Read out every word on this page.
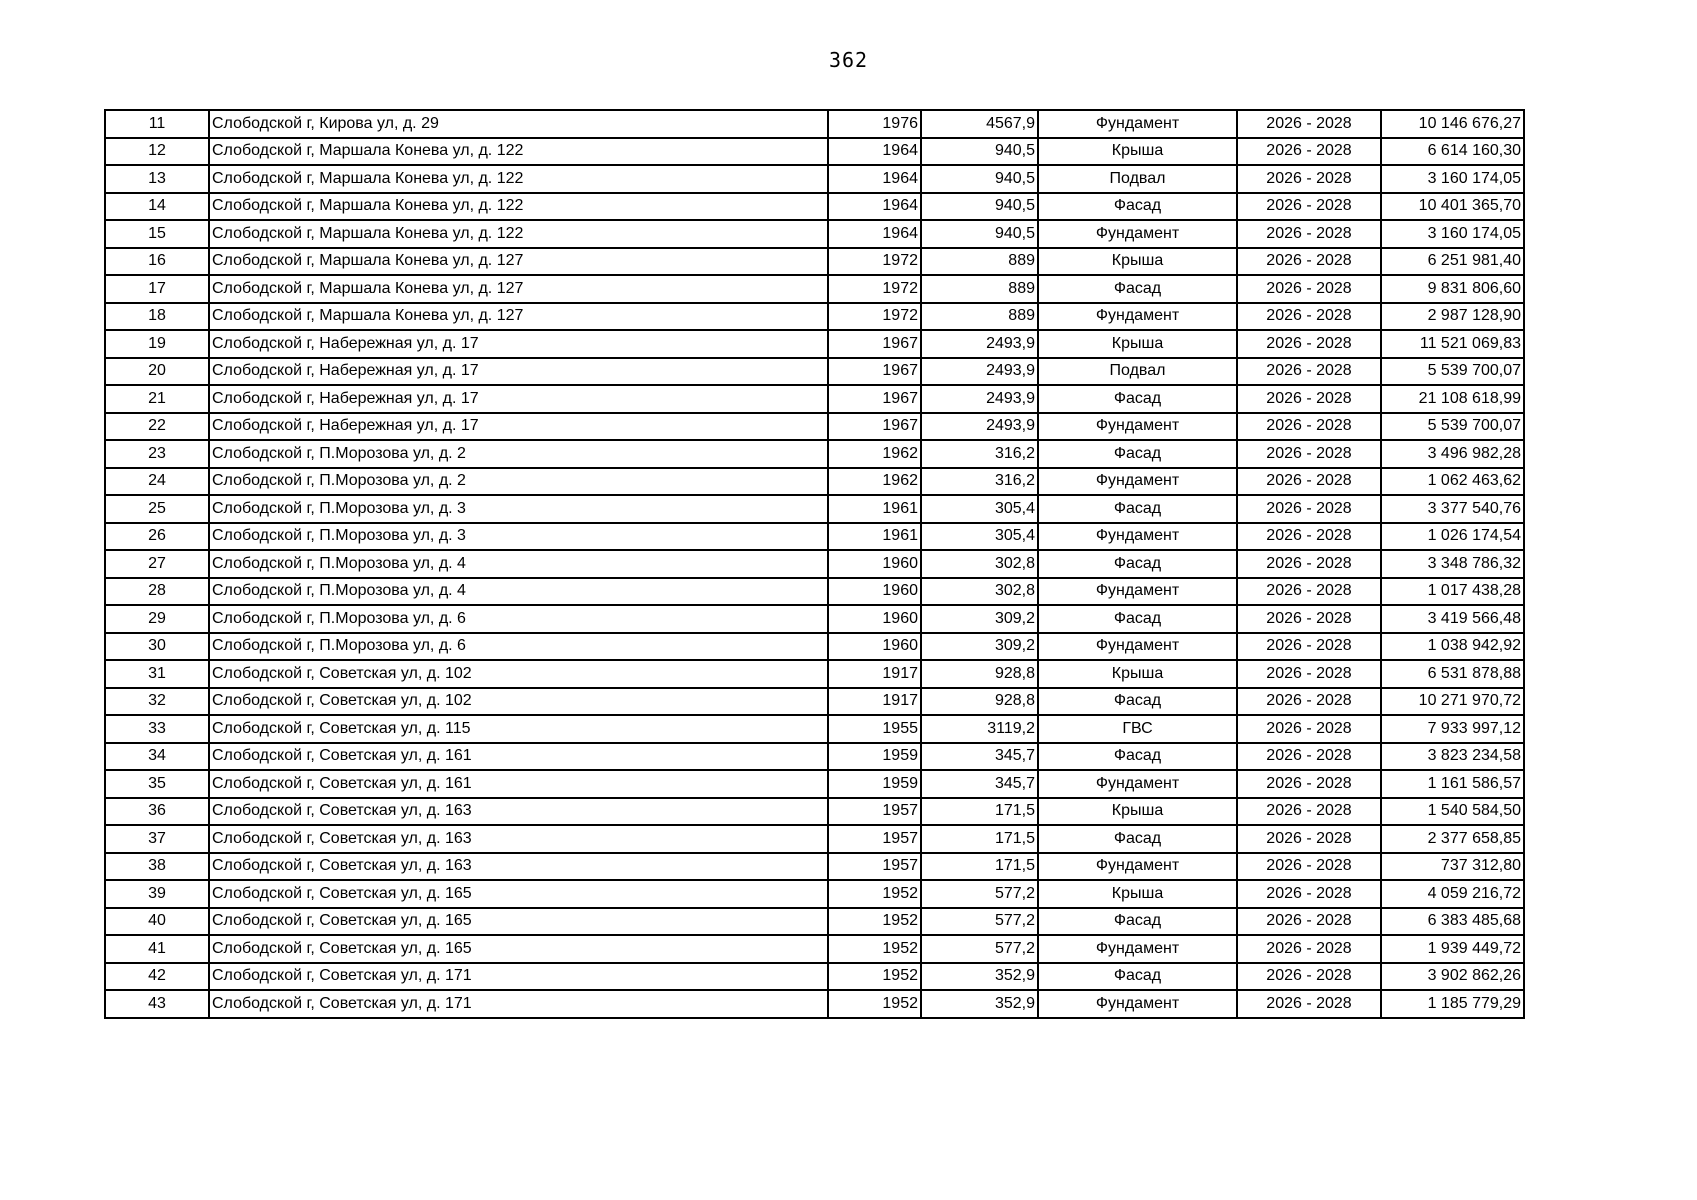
362
11	Слободской г, Кирова ул, д. 29	1976	4567,9	Фундамент	2026 - 2028	10 146 676,27
12	Слободской г, Маршала Конева ул, д. 122	1964	940,5	Крыша	2026 - 2028	6 614 160,30
13	Слободской г, Маршала Конева ул, д. 122	1964	940,5	Подвал	2026 - 2028	3 160 174,05
14	Слободской г, Маршала Конева ул, д. 122	1964	940,5	Фасад	2026 - 2028	10 401 365,70
15	Слободской г, Маршала Конева ул, д. 122	1964	940,5	Фундамент	2026 - 2028	3 160 174,05
16	Слободской г, Маршала Конева ул, д. 127	1972	889	Крыша	2026 - 2028	6 251 981,40
17	Слободской г, Маршала Конева ул, д. 127	1972	889	Фасад	2026 - 2028	9 831 806,60
18	Слободской г, Маршала Конева ул, д. 127	1972	889	Фундамент	2026 - 2028	2 987 128,90
19	Слободской г, Набережная ул, д. 17	1967	2493,9	Крыша	2026 - 2028	11 521 069,83
20	Слободской г, Набережная ул, д. 17	1967	2493,9	Подвал	2026 - 2028	5 539 700,07
21	Слободской г, Набережная ул, д. 17	1967	2493,9	Фасад	2026 - 2028	21 108 618,99
22	Слободской г, Набережная ул, д. 17	1967	2493,9	Фундамент	2026 - 2028	5 539 700,07
23	Слободской г, П.Морозова ул, д. 2	1962	316,2	Фасад	2026 - 2028	3 496 982,28
24	Слободской г, П.Морозова ул, д. 2	1962	316,2	Фундамент	2026 - 2028	1 062 463,62
25	Слободской г, П.Морозова ул, д. 3	1961	305,4	Фасад	2026 - 2028	3 377 540,76
26	Слободской г, П.Морозова ул, д. 3	1961	305,4	Фундамент	2026 - 2028	1 026 174,54
27	Слободской г, П.Морозова ул, д. 4	1960	302,8	Фасад	2026 - 2028	3 348 786,32
28	Слободской г, П.Морозова ул, д. 4	1960	302,8	Фундамент	2026 - 2028	1 017 438,28
29	Слободской г, П.Морозова ул, д. 6	1960	309,2	Фасад	2026 - 2028	3 419 566,48
30	Слободской г, П.Морозова ул, д. 6	1960	309,2	Фундамент	2026 - 2028	1 038 942,92
31	Слободской г, Советская ул, д. 102	1917	928,8	Крыша	2026 - 2028	6 531 878,88
32	Слободской г, Советская ул, д. 102	1917	928,8	Фасад	2026 - 2028	10 271 970,72
33	Слободской г, Советская ул, д. 115	1955	3119,2	ГВС	2026 - 2028	7 933 997,12
34	Слободской г, Советская ул, д. 161	1959	345,7	Фасад	2026 - 2028	3 823 234,58
35	Слободской г, Советская ул, д. 161	1959	345,7	Фундамент	2026 - 2028	1 161 586,57
36	Слободской г, Советская ул, д. 163	1957	171,5	Крыша	2026 - 2028	1 540 584,50
37	Слободской г, Советская ул, д. 163	1957	171,5	Фасад	2026 - 2028	2 377 658,85
38	Слободской г, Советская ул, д. 163	1957	171,5	Фундамент	2026 - 2028	737 312,80
39	Слободской г, Советская ул, д. 165	1952	577,2	Крыша	2026 - 2028	4 059 216,72
40	Слободской г, Советская ул, д. 165	1952	577,2	Фасад	2026 - 2028	6 383 485,68
41	Слободской г, Советская ул, д. 165	1952	577,2	Фундамент	2026 - 2028	1 939 449,72
42	Слободской г, Советская ул, д. 171	1952	352,9	Фасад	2026 - 2028	3 902 862,26
43	Слободской г, Советская ул, д. 171	1952	352,9	Фундамент	2026 - 2028	1 185 779,29
